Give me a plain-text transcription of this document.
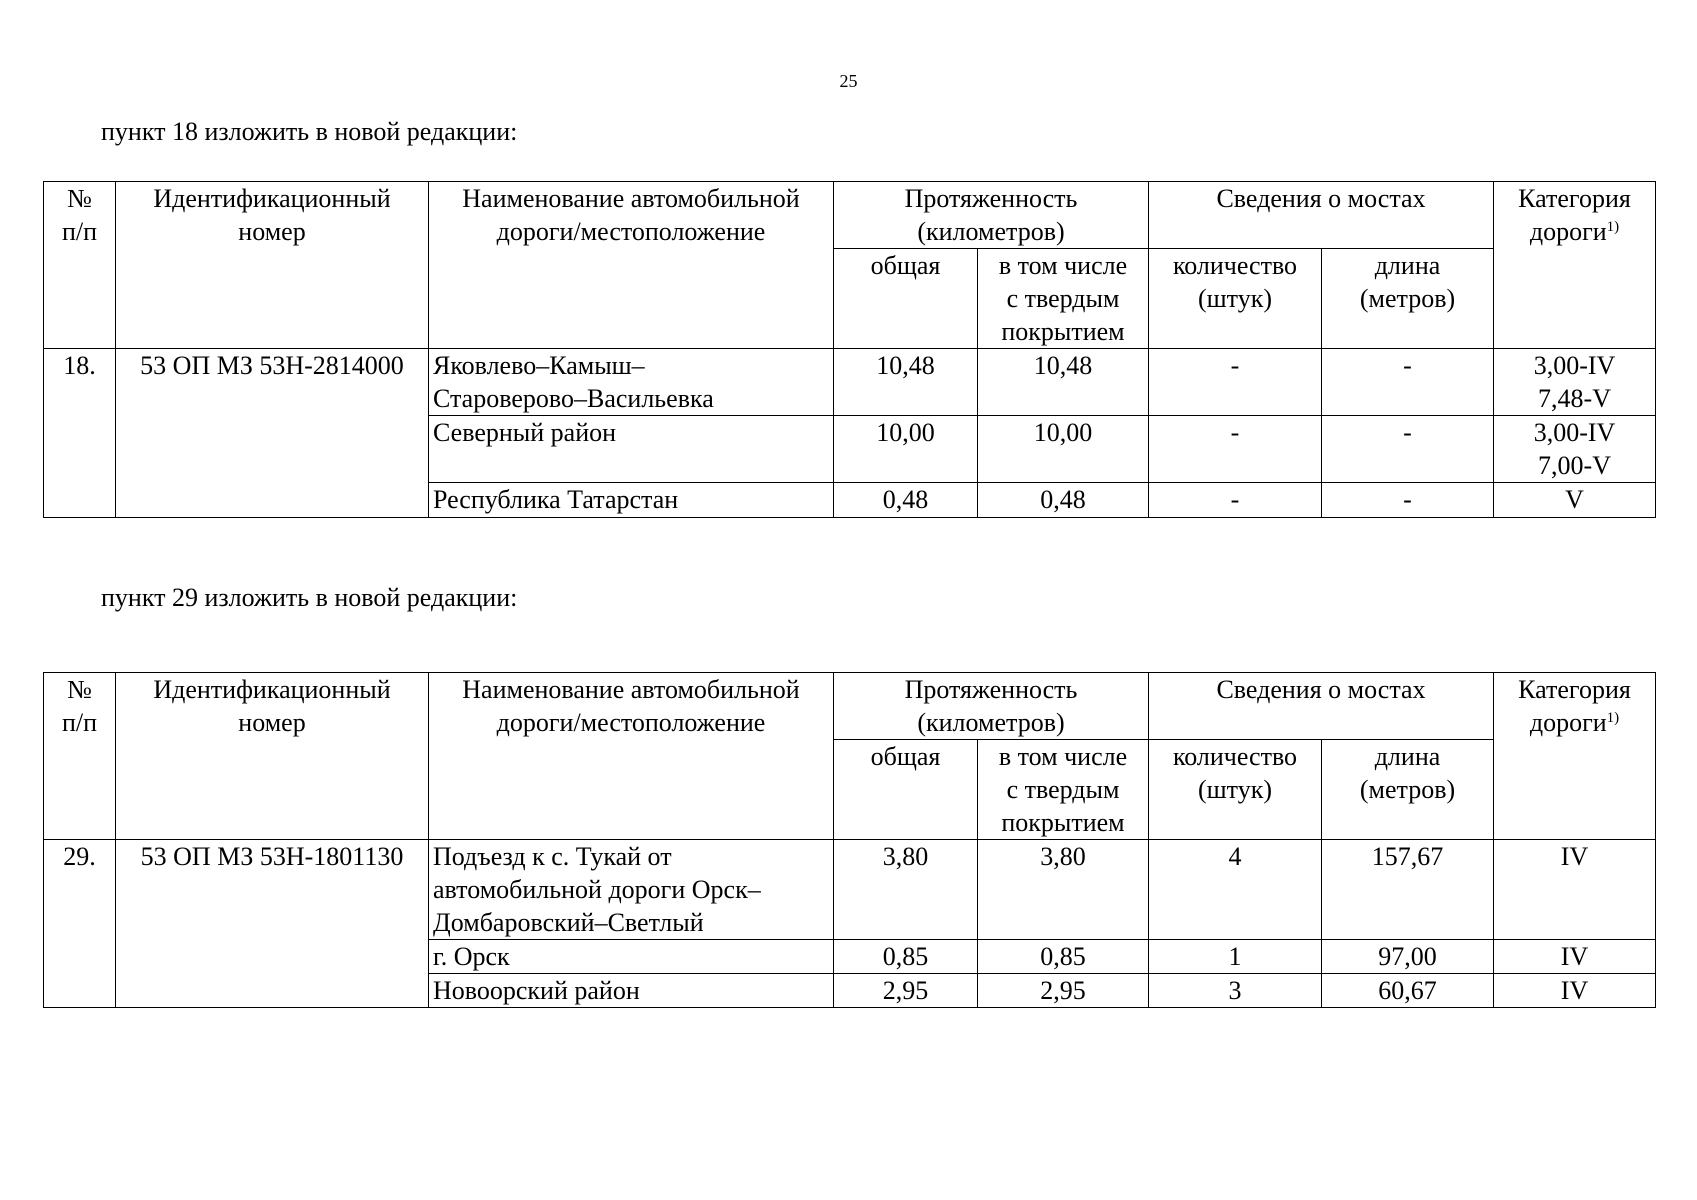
25
пункт 18 изложить в новой редакции:
№
п/п	Идентификационный
номер	Наименование автомобильной
дороги/местоположение	Протяженность
(километров)		Сведения о мостах		Категория
дороги$^{1)}$

			общая	в том числе
с твердым
покрытием	количество
(штук)	длина
(метров)	

18.	53 ОП МЗ 53Н-2814000	Яковлево–Камыш–
Староверово–Васильевка	10,48	10,48	-	-	3,00-IV
7,48-V

		Северный район	10,00	10,00	-	-	3,00-IV
7,00-V

		Республика Татарстан	0,48	0,48	-	-	V
пункт 29 изложить в новой редакции:
№
п/п	Идентификационный
номер	Наименование автомобильной
дороги/местоположение	Протяженность
(километров)		Сведения о мостах		Категория
дороги$^{1)}$

			общая	в том числе
с твердым
покрытием	количество
(штук)	длина
(метров)	

29.	53 ОП МЗ 53Н-1801130	Подъезд к с. Тукай от
автомобильной дороги Орск–
Домбаровский–Светлый	3,80	3,80	4	157,67	IV

		г. Орск	0,85	0,85	1	97,00	IV

		Новоорский район	2,95	2,95	3	60,67	IV
